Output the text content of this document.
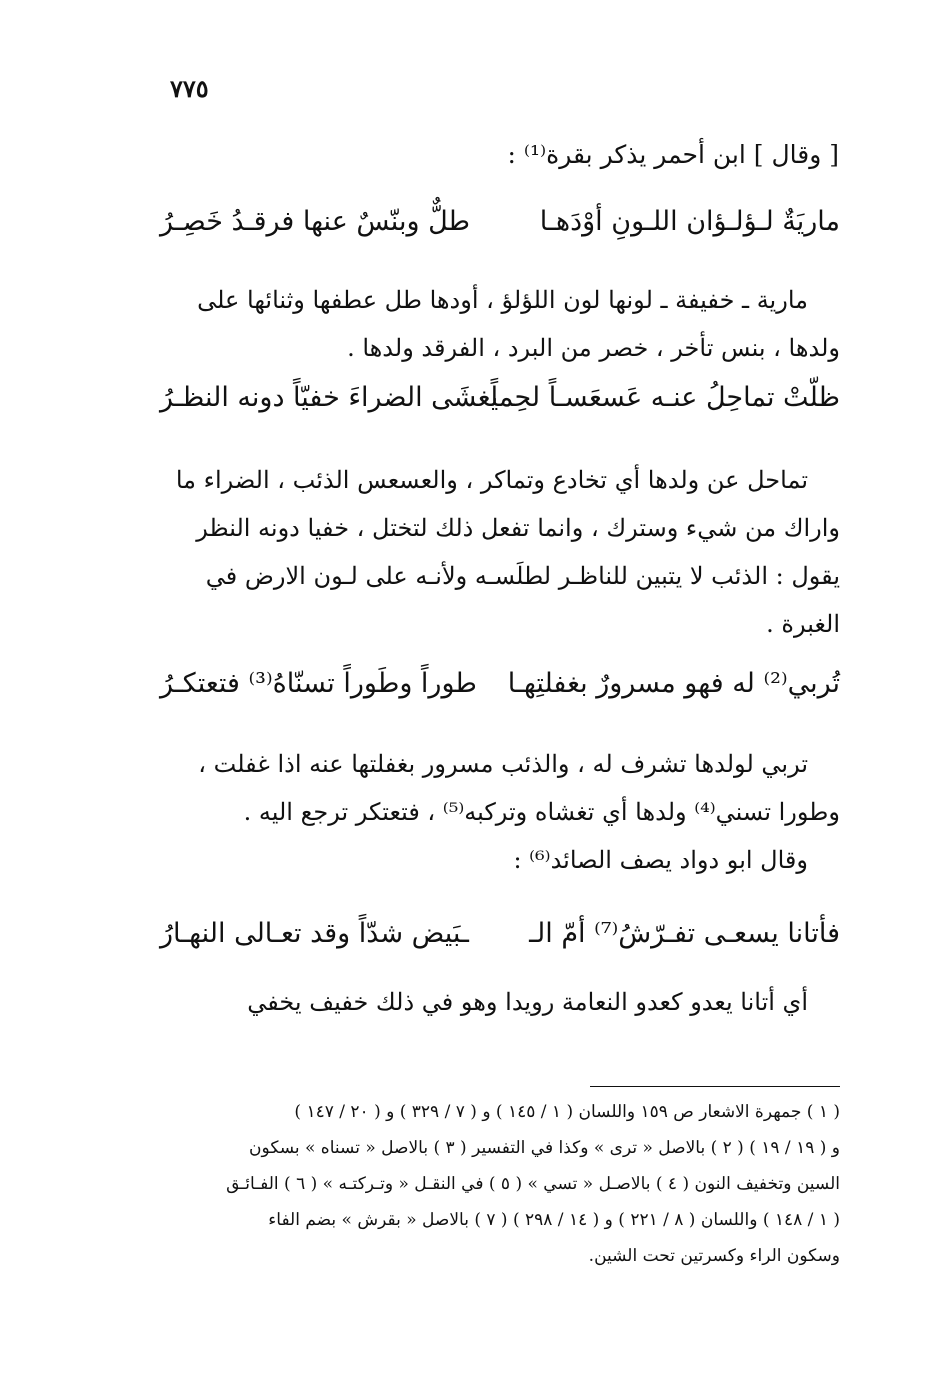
٧٧٥
[ وقال ] ابن أحمر يذكر بقرة⁽¹⁾ :
ماريَةٌ لـؤلـؤان اللـونِ أوْدَهـا
طلٌّ وبنّسٌ عنها فرقـدُ خَصِـرُ

مارية ـ خفيفة ـ لونها لون اللؤلؤ ، أودها طل عطفها وثنائها على

ولدها ، بنس تأخر ، خصر من البرد ، الفرقد ولدها .

ظلّتْ تماحِلُ عنـه عَسعَسـاً لحِماً
يغشَى الضراءَ خفيّاً دونه النظـرُ

تماحل عن ولدها أي تخادع وتماكر ، والعسعس الذئب ، الضراء ما

واراك من شيء وسترك ، وانما تفعل ذلك لتختل ، خفيا دونه النظر

يقول : الذئب لا يتبين للناظـر لطلَسـه ولأنـه على لـون الارض في

الغبرة .

تُربي⁽²⁾ له فهو مسرورٌ بغفلتِهـا
طوراً وطَوراً تسنّاهُ⁽³⁾ فتعتكـرُ

تربي لولدها تشرف له ، والذئب مسرور بغفلتها عنه اذا غفلت ،

وطورا تسني⁽⁴⁾ ولدها أي تغشاه وتركبه⁽⁵⁾ ، فتعتكر ترجع اليه .

وقال ابو دواد يصف الصائد⁽⁶⁾ :

فأتانا يسعـى تفـرّشُ⁽⁷⁾ أمّ الـ
ـبَيض شدّاً وقد تعـالى النهـارُ

أي أتانا يعدو كعدو النعامة رويدا وهو في ذلك خفيف يخفي

( ١ ) جمهرة الاشعار ص ١٥٩ واللسان ( ١ / ١٤٥ ) و ( ٧ / ٣٢٩ ) و ( ٢٠ / ١٤٧ )

و ( ١٩ / ١٩ ) ( ٢ ) بالاصل « ترى » وكذا في التفسير ( ٣ ) بالاصل « تسناه » بسكون

السين وتخفيف النون ( ٤ ) بالاصـل « تسي » ( ٥ ) في النقـل « وتـركتـه » ( ٦ ) الفـائـق

( ١ / ١٤٨ ) واللسان ( ٨ / ٢٢١ ) و ( ١٤ / ٢٩٨ ) ( ٧ ) بالاصل « بقرش » بضم الفاء

وسكون الراء وكسرتين تحت الشين.
